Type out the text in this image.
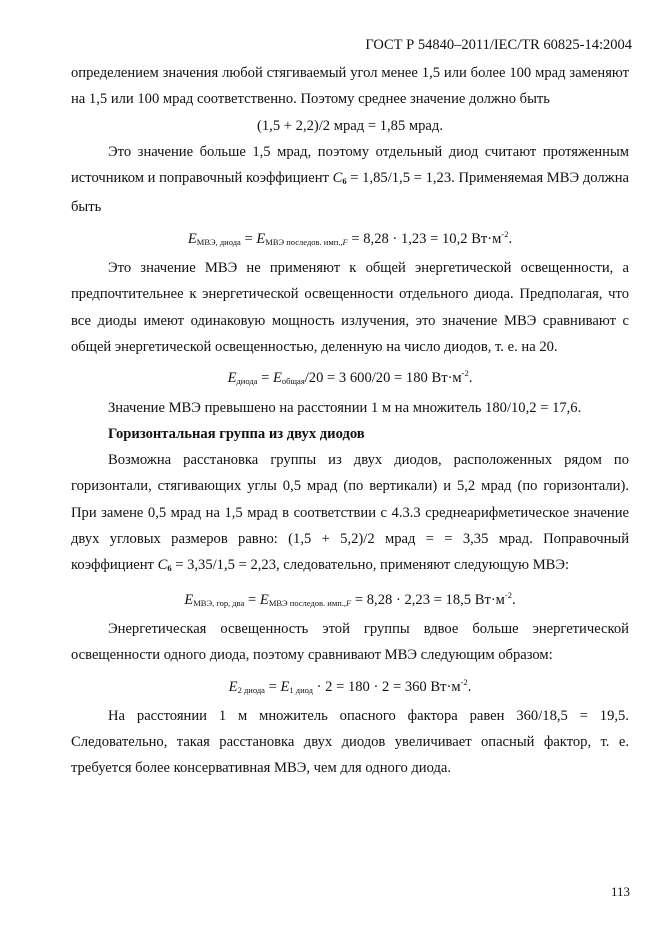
ГОСТ Р 54840–2011/IEC/TR 60825-14:2004

определением значения любой стягиваемый угол менее 1,5 или более 100 мрад заменяют на 1,5 или 100 мрад соответственно. Поэтому среднее значение должно быть

(1,5 + 2,2)/2 мрад = 1,85 мрад.

Это значение больше 1,5 мрад, поэтому отдельный диод считают протяженным источником и поправочный коэффициент $C_6 = 1,85/1,5 = 1,23$. Применяемая МВЭ должна быть

$E_{МВЭ, диода} = E_{МВЭ последов. имп.,F} = 8,28 \cdot 1,23 = 10,2$ $Вт\cdot м^{-2}$.

Это значение МВЭ не применяют к общей энергетической освещенности, а предпочтительнее к энергетической освещенности отдельного диода. Предполагая, что все диоды имеют одинаковую мощность излучения, это значение МВЭ сравнивают с общей энергетической освещенностью, деленную на число диодов, т. е. на 20.

$E_{диода} = E_{общая}/20 = 3$ 600/20 = 180 $Вт\cdot м^{-2}$.

Значение МВЭ превышено на расстоянии 1 м на множитель 180/10,2 = 17,6.

Горизонтальная группа из двух диодов

Возможна расстановка группы из двух диодов, расположенных рядом по горизонтали, стягивающих углы 0,5 мрад (по вертикали) и 5,2 мрад (по горизонтали). При замене 0,5 мрад на 1,5 мрад в соответствии с 4.3.3 среднеарифметическое значение двух угловых размеров равно: (1,5 + 5,2)/2 мрад = = 3,35 мрад. Поправочный коэффициент $C_6 = 3,35/1,5 = 2,23$, следовательно, применяют следующую МВЭ:

$E_{МВЭ, гор, два} = E_{МВЭ последов. имп.,F} = 8,28 \cdot 2,23 = 18,5$ $Вт\cdot м^{-2}$.

Энергетическая освещенность этой группы вдвое больше энергетической освещенности одного диода, поэтому сравнивают МВЭ следующим образом:

$E_{2 диода} = E_{1 диод} \cdot 2 = 180 \cdot 2 = 360$ $Вт\cdot м^{-2}$.

На расстоянии 1 м множитель опасного фактора равен 360/18,5 = 19,5. Следовательно, такая расстановка двух диодов увеличивает опасный фактор, т. е. требуется более консервативная МВЭ, чем для одного диода.

113
